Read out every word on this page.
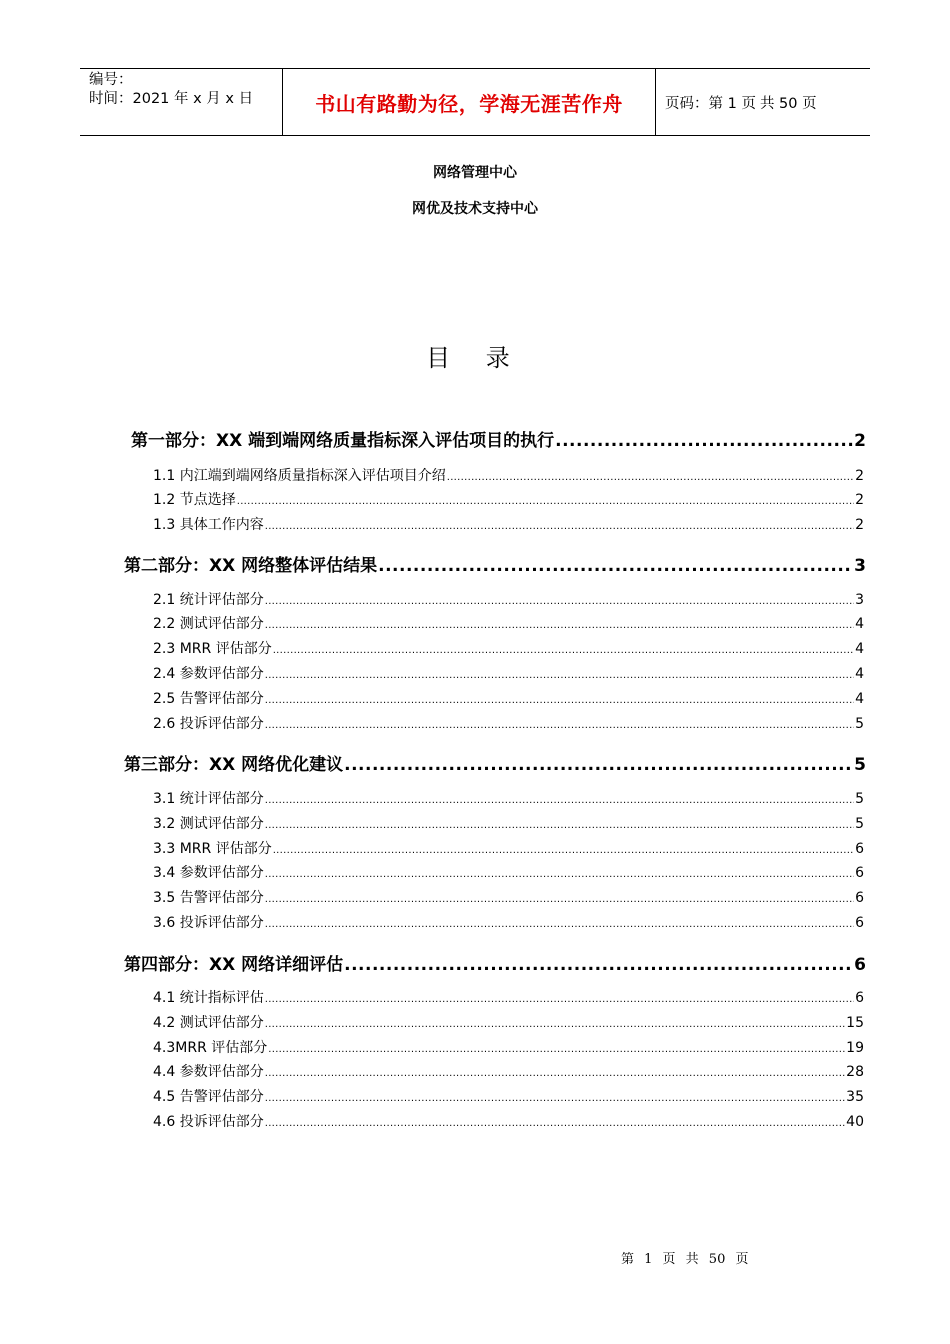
编号：
时间：2021 年 x 月 x 日	书山有路勤为径，学海无涯苦作舟	页码：第 1 页 共 50 页
网络管理中心
网优及技术支持中心
目 录
第一部分：XX 端到端网络质量指标深入评估项目的执行 .....	2
1.1 内江端到端网络质量指标深入评估项目介绍 .....	2
1.2 节点选择 .....	2
1.3 具体工作内容 .....	2
第二部分：XX 网络整体评估结果 .....	3
2.1 统计评估部分 .....	3
2.2 测试评估部分 .....	4
2.3 MRR 评估部分 .....	4
2.4 参数评估部分 .....	4
2.5 告警评估部分 .....	4
2.6 投诉评估部分 .....	5
第三部分：XX 网络优化建议 .....	5
3.1 统计评估部分 .....	5
3.2 测试评估部分 .....	5
3.3 MRR 评估部分 .....	6
3.4 参数评估部分 .....	6
3.5 告警评估部分 .....	6
3.6 投诉评估部分 .....	6
第四部分：XX 网络详细评估 .....	6
4.1 统计指标评估 .....	6
4.2 测试评估部分 .....	15
4.3MRR 评估部分 .....	19
4.4 参数评估部分 .....	28
4.5 告警评估部分 .....	35
4.6 投诉评估部分 .....	40
第 1 页 共 50 页
